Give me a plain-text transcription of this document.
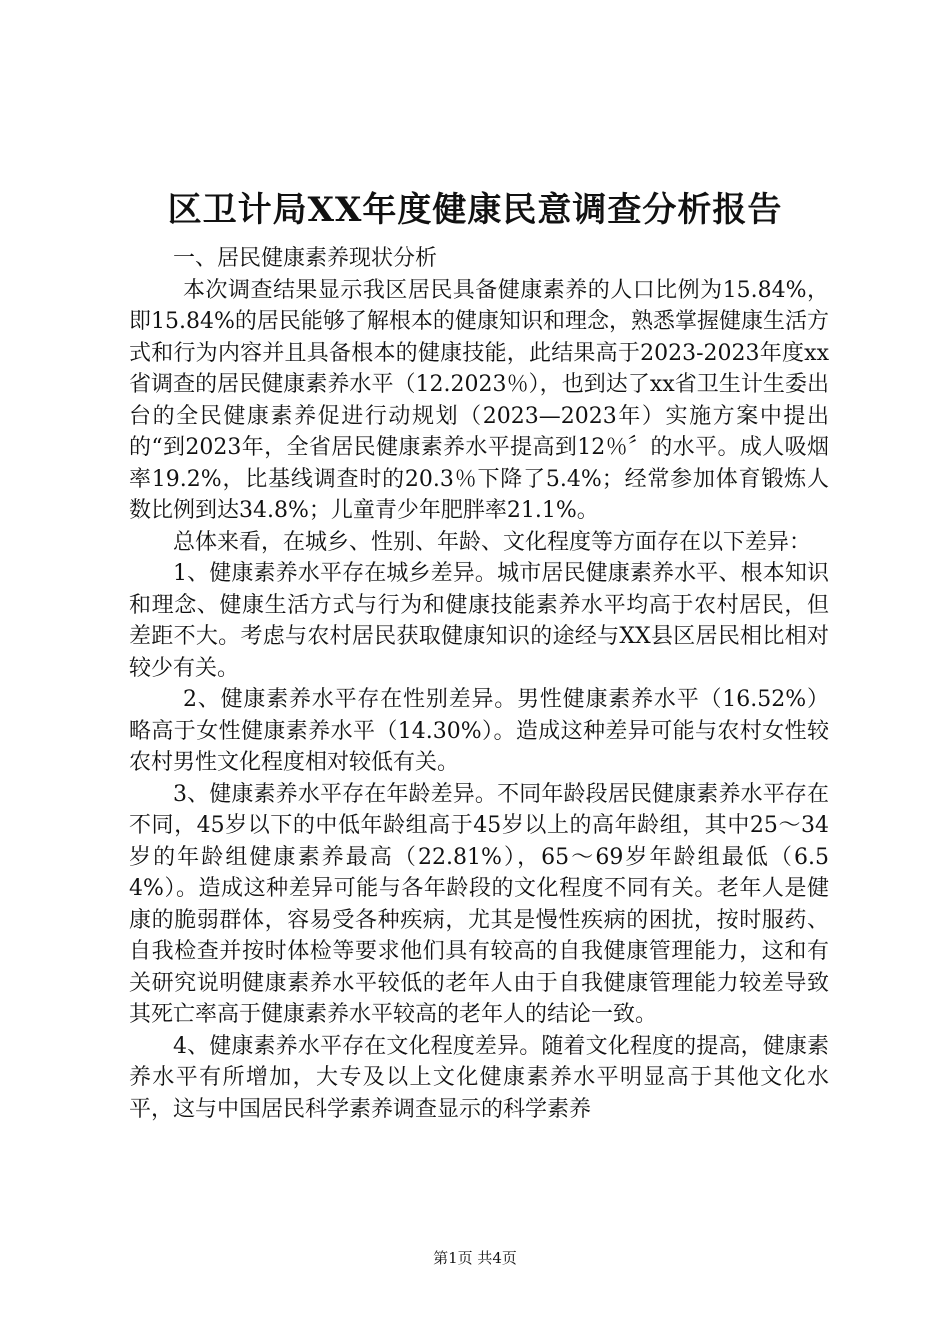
区卫计局XX年度健康民意调查分析报告

一、居民健康素养现状分析

本次调查结果显示我区居民具备健康素养的人口比例为15.84%，即15.84%的居民能够了解根本的健康知识和理念，熟悉掌握健康生活方式和行为内容并且具备根本的健康技能，此结果高于2023-2023年度xx省调查的居民健康素养水平（12.2023％），也到达了xx省卫生计生委出台的全民健康素养促进行动规划（2023—2023年）实施方案中提出的“到2023年，全省居民健康素养水平提高到12％〞的水平。成人吸烟率19.2%，比基线调查时的20.3％下降了5.4%；经常参加体育锻炼人数比例到达34.8%；儿童青少年肥胖率21.1%。

总体来看，在城乡、性别、年龄、文化程度等方面存在以下差异：

1、健康素养水平存在城乡差异。城市居民健康素养水平、根本知识和理念、健康生活方式与行为和健康技能素养水平均高于农村居民，但差距不大。考虑与农村居民获取健康知识的途经与XX县区居民相比相对较少有关。

2、健康素养水平存在性别差异。男性健康素养水平（16.52%）略高于女性健康素养水平（14.30%）。造成这种差异可能与农村女性较农村男性文化程度相对较低有关。

3、健康素养水平存在年龄差异。不同年龄段居民健康素养水平存在不同，45岁以下的中低年龄组高于45岁以上的高年龄组，其中25～34岁的年龄组健康素养最高（22.81%），65～69岁年龄组最低（6.54%）。造成这种差异可能与各年龄段的文化程度不同有关。老年人是健康的脆弱群体，容易受各种疾病，尤其是慢性疾病的困扰，按时服药、自我检查并按时体检等要求他们具有较高的自我健康管理能力，这和有关研究说明健康素养水平较低的老年人由于自我健康管理能力较差导致其死亡率高于健康素养水平较高的老年人的结论一致。

4、健康素养水平存在文化程度差异。随着文化程度的提高，健康素养水平有所增加，大专及以上文化健康素养水平明显高于其他文化水平，这与中国居民科学素养调查显示的科学素养

第1页 共4页
